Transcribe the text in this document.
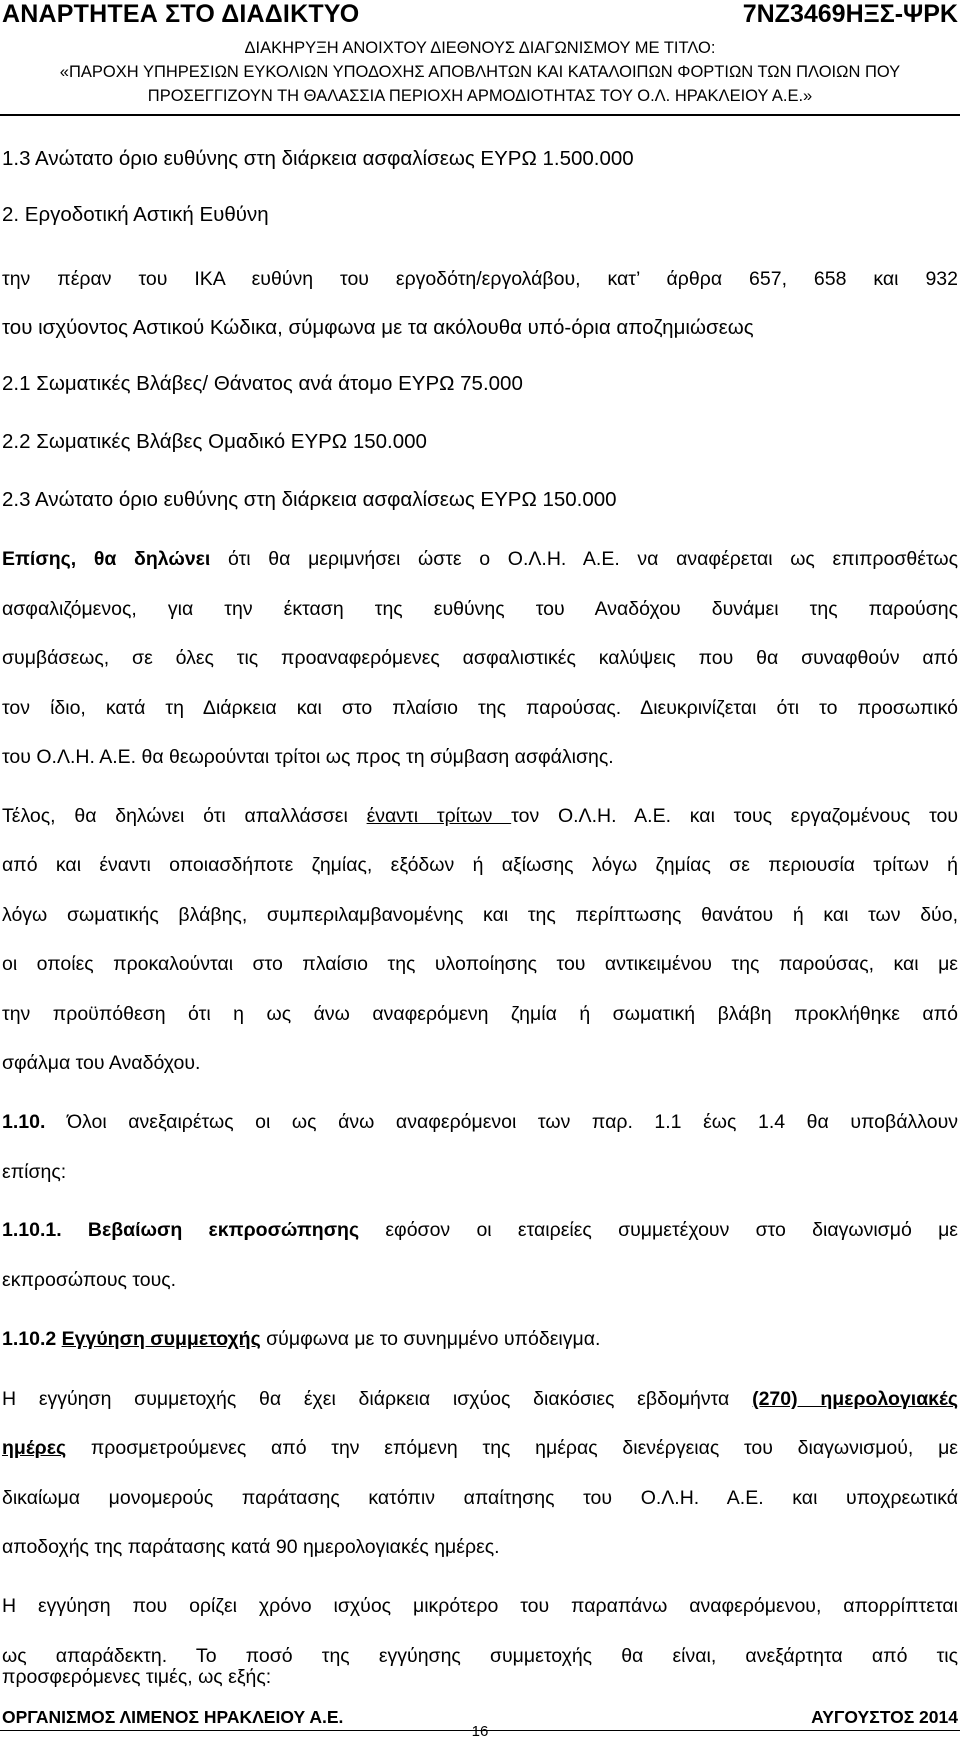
ΑΝΑΡΤΗΤΕΑ ΣΤΟ ΔΙΑΔΙΚΤΥΟ	7ΝΖ3469ΗΞΣ-ΨΡΚ
ΔΙΑΚΗΡΥΞΗ ΑΝΟΙΧΤΟΥ ΔΙΕΘΝΟΥΣ ΔΙΑΓΩΝΙΣΜΟΥ ΜΕ ΤΙΤΛΟ:
«ΠΑΡΟΧΗ ΥΠΗΡΕΣΙΩΝ ΕΥΚΟΛΙΩΝ ΥΠΟΔΟΧΗΣ ΑΠΟΒΛΗΤΩΝ ΚΑΙ ΚΑΤΑΛΟΙΠΩΝ ΦΟΡΤΙΩΝ ΤΩΝ ΠΛΟΙΩΝ ΠΟΥ
ΠΡΟΣΕΓΓΙΖΟΥΝ ΤΗ ΘΑΛΑΣΣΙΑ ΠΕΡΙΟΧΗ ΑΡΜΟΔΙΟΤΗΤΑΣ ΤΟΥ Ο.Λ. ΗΡΑΚΛΕΙΟΥ Α.Ε.»
1.3 Ανώτατο όριο ευθύνης στη διάρκεια ασφαλίσεως ΕΥΡΩ 1.500.000
2. Εργοδοτική Αστική Ευθύνη
την πέραν του ΙΚΑ ευθύνη του εργοδότη/εργολάβου, κατ’ άρθρα 657, 658 και 932
του ισχύοντος Αστικού Κώδικα, σύμφωνα με τα ακόλουθα υπό-όρια αποζημιώσεως
2.1 Σωματικές Βλάβες/ Θάνατος ανά άτομο ΕΥΡΩ 75.000
2.2 Σωματικές Βλάβες Ομαδικό ΕΥΡΩ 150.000
2.3 Ανώτατο όριο ευθύνης στη διάρκεια ασφαλίσεως ΕΥΡΩ 150.000
Επίσης, θα δηλώνει ότι θα μεριμνήσει ώστε ο Ο.Λ.Η. Α.Ε. να αναφέρεται ως επιπροσθέτως
ασφαλιζόμενος, για την έκταση της ευθύνης του Αναδόχου δυνάμει της παρούσης
συμβάσεως, σε όλες τις προαναφερόμενες ασφαλιστικές καλύψεις που θα συναφθούν από
τον ίδιο, κατά τη Διάρκεια και στο πλαίσιο της παρούσας. Διευκρινίζεται ότι το προσωπικό
του Ο.Λ.Η. Α.Ε. θα θεωρούνται τρίτοι ως προς τη σύμβαση ασφάλισης.
Τέλος, θα δηλώνει ότι απαλλάσσει έναντι τρίτων τον Ο.Λ.Η. Α.Ε. και τους εργαζομένους του
από και έναντι οποιασδήποτε ζημίας, εξόδων ή αξίωσης λόγω ζημίας σε περιουσία τρίτων ή
λόγω σωματικής βλάβης, συμπεριλαμβανομένης και της περίπτωσης θανάτου ή και των δύο,
οι οποίες προκαλούνται στο πλαίσιο της υλοποίησης του αντικειμένου της παρούσας, και με
την προϋπόθεση ότι η ως άνω αναφερόμενη ζημία ή σωματική βλάβη προκλήθηκε από
σφάλμα του Αναδόχου.
1.10. Όλοι ανεξαιρέτως οι ως άνω αναφερόμενοι των παρ. 1.1 έως 1.4 θα υποβάλλουν
επίσης:
1.10.1. Βεβαίωση εκπροσώπησης εφόσον οι εταιρείες συμμετέχουν στο διαγωνισμό με
εκπροσώπους τους.
1.10.2 Εγγύηση συμμετοχής σύμφωνα με το συνημμένο υπόδειγμα.
Η εγγύηση συμμετοχής θα έχει διάρκεια ισχύος διακόσιες εβδομήντα (270) ημερολογιακές
ημέρες προσμετρούμενες από την επόμενη της ημέρας διενέργειας του διαγωνισμού, με
δικαίωμα μονομερούς παράτασης κατόπιν απαίτησης του Ο.Λ.Η. Α.Ε. και υποχρεωτικά
αποδοχής της παράτασης κατά 90 ημερολογιακές ημέρες.
Η εγγύηση που ορίζει χρόνο ισχύος μικρότερο του παραπάνω αναφερόμενου, απορρίπτεται
ως απαράδεκτη. Το ποσό της εγγύησης συμμετοχής θα είναι, ανεξάρτητα από τις
προσφερόμενες τιμές, ως εξής:
ΟΡΓΑΝΙΣΜΟΣ ΛΙΜΕΝΟΣ ΗΡΑΚΛΕΙΟΥ Α.Ε.	ΑΥΓΟΥΣΤΟΣ 2014
16
